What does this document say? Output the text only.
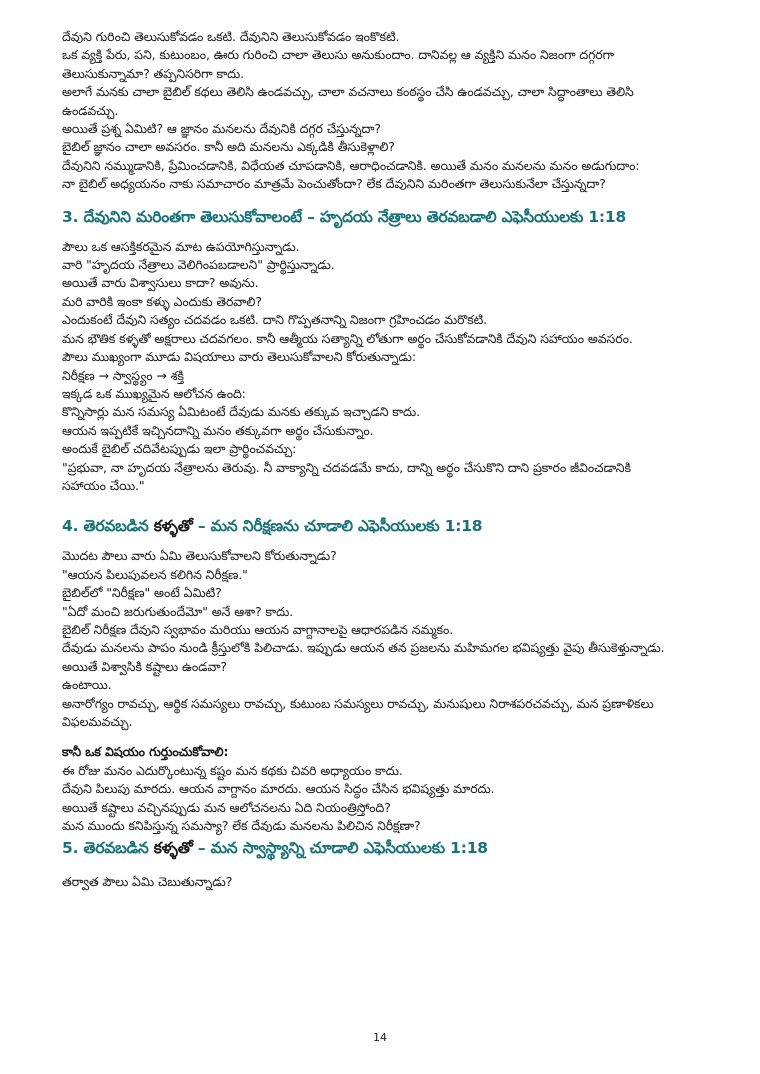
దేవుని గురించి తెలుసుకోవడం ఒకటి. దేవునిని తెలుసుకోవడం ఇంకొకటి.
ఒక వ్యక్తి పేరు, పని, కుటుంబం, ఊరు గురించి చాలా తెలుసు అనుకుందాం. దానివల్ల ఆ వ్యక్తిని మనం నిజంగా దగ్గరగా
తెలుసుకున్నామా? తప్పనిసరిగా కాదు.
అలాగే మనకు చాలా బైబిల్ కథలు తెలిసి ఉండవచ్చు, చాలా వచనాలు కంఠస్థం చేసి ఉండవచ్చు, చాలా సిద్ధాంతాలు తెలిసి
ఉండవచ్చు.
అయితే ప్రశ్న ఏమిటి? ఆ జ్ఞానం మనలను దేవునికి దగ్గర చేస్తున్నదా?
బైబిల్ జ్ఞానం చాలా అవసరం. కానీ అది మనలను ఎక్కడికి తీసుకెళ్లాలి?
దేవునిని నమ్ముడానికి, ప్రేమించడానికి, విధేయత చూపడానికి, ఆరాధించడానికి. అయితే మనం మనలను మనం అడుగుదాం:
నా బైబిల్ అధ్యయనం నాకు సమాచారం మాత్రమే పెంచుతోందా? లేక దేవునిని మరింతగా తెలుసుకునేలా చేస్తున్నదా?
3. దేవునిని మరింతగా తెలుసుకోవాలంటే – హృదయ నేత్రాలు తెరవబడాలి ఎఫెసీయులకు 1:18
పౌలు ఒక ఆసక్తికరమైన మాట ఉపయోగిస్తున్నాడు.
వారి "హృదయ నేత్రాలు వెలిగింపబడాలని" ప్రార్థిస్తున్నాడు.
అయితే వారు విశ్వాసులు కాదా? అవును.
మరి వారికి ఇంకా కళ్ళు ఎందుకు తెరవాలి?
ఎందుకంటే దేవుని సత్యం చదవడం ఒకటి. దాని గొప్పతనాన్ని నిజంగా గ్రహించడం మరొకటి.
మన భౌతిక కళ్ళతో అక్షరాలు చదవగలం. కానీ ఆత్మీయ సత్యాన్ని లోతుగా అర్థం చేసుకోవడానికి దేవుని సహాయం అవసరం.
పౌలు ముఖ్యంగా మూడు విషయాలు వారు తెలుసుకోవాలని కోరుతున్నాడు:
నిరీక్షణ → స్వాస్థ్యం → శక్తి
ఇక్కడ ఒక ముఖ్యమైన ఆలోచన ఉంది:
కొన్నిసార్లు మన సమస్య ఏమిటంటే దేవుడు మనకు తక్కువ ఇచ్చాడని కాదు.
ఆయన ఇప్పటికే ఇచ్చినదాన్ని మనం తక్కువగా అర్థం చేసుకున్నాం.
అందుకే బైబిల్ చదివేటప్పుడు ఇలా ప్రార్థించవచ్చు:
"ప్రభువా, నా హృదయ నేత్రాలను తెరువు. నీ వాక్యాన్ని చదవడమే కాదు, దాన్ని అర్థం చేసుకొని దాని ప్రకారం జీవించడానికి
సహాయం చేయి."
4. తెరవబడిన కళ్ళతో – మన నిరీక్షణను చూడాలి ఎఫెసీయులకు 1:18
మొదట పౌలు వారు ఏమి తెలుసుకోవాలని కోరుతున్నాడు?
"ఆయన పిలుపువలన కలిగిన నిరీక్షణ."
బైబిల్‌లో "నిరీక్షణ" అంటే ఏమిటి?
"ఏదో మంచి జరుగుతుందేమో" అనే ఆశా? కాదు.
బైబిల్ నిరీక్షణ దేవుని స్వభావం మరియు ఆయన వాగ్దానాలపై ఆధారపడిన నమ్మకం.
దేవుడు మనలను పాపం నుండి క్రీస్తులోకి పిలిచాడు. ఇప్పుడు ఆయన తన ప్రజలను మహిమగల భవిష్యత్తు వైపు తీసుకెళ్తున్నాడు.
అయితే విశ్వాసికి కష్టాలు ఉండవా?
ఉంటాయి.
అనారోగ్యం రావచ్చు, ఆర్థిక సమస్యలు రావచ్చు, కుటుంబ సమస్యలు రావచ్చు, మనుషులు నిరాశపరచవచ్చు, మన ప్రణాళికలు
విఫలమవచ్చు.
కానీ ఒక విషయం గుర్తుంచుకోవాలి:
ఈ రోజు మనం ఎదుర్కొంటున్న కష్టం మన కథకు చివరి అధ్యాయం కాదు.
దేవుని పిలుపు మారదు. ఆయన వాగ్దానం మారదు. ఆయన సిద్ధం చేసిన భవిష్యత్తు మారదు.
అయితే కష్టాలు వచ్చినప్పుడు మన ఆలోచనలను ఏది నియంత్రిస్తోంది?
మన ముందు కనిపిస్తున్న సమస్యా? లేక దేవుడు మనలను పిలిచిన నిరీక్షణా?
5. తెరవబడిన కళ్ళతో – మన స్వాస్థ్యాన్ని చూడాలి ఎఫెసీయులకు 1:18
తర్వాత పౌలు ఏమి చెబుతున్నాడు?
14
